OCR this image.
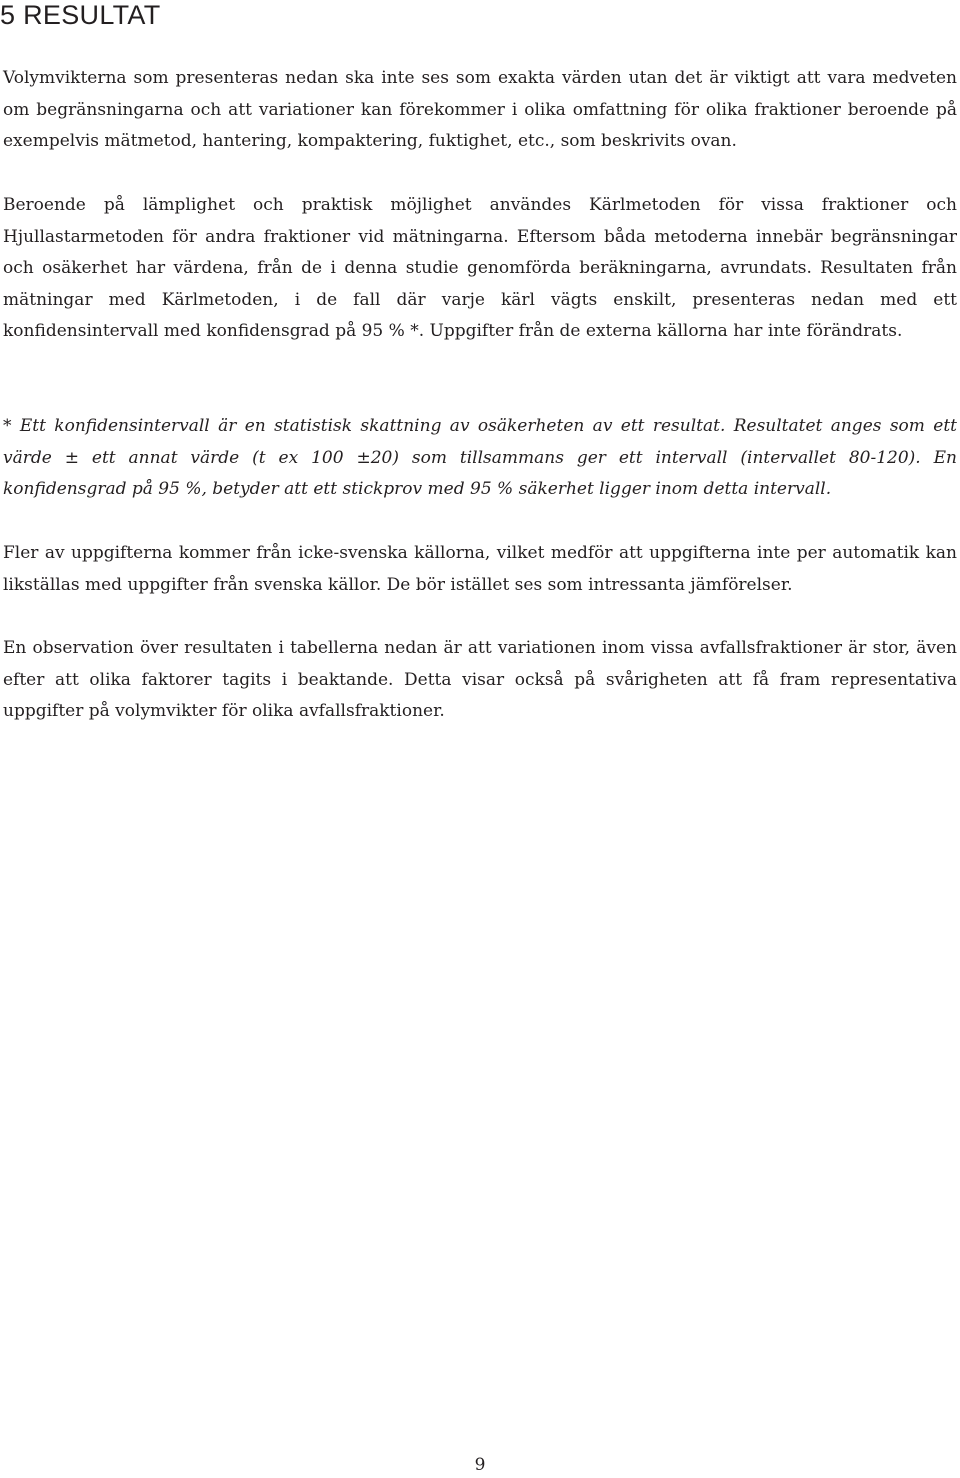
5 RESULTAT

Volymvikterna som presenteras nedan ska inte ses som exakta värden utan det är viktigt att vara medveten om begränsningarna och att variationer kan förekommer i olika omfattning för olika fraktioner beroende på exempelvis mätmetod, hantering, kompaktering, fuktighet, etc., som beskrivits ovan.

Beroende på lämplighet och praktisk möjlighet användes Kärlmetoden för vissa fraktioner och Hjullastarmetoden för andra fraktioner vid mätningarna. Eftersom båda metoderna innebär begränsningar och osäkerhet har värdena, från de i denna studie genomförda beräkningarna, avrundats. Resultaten från mätningar med Kärlmetoden, i de fall där varje kärl vägts enskilt, presenteras nedan med ett konfidensintervall med konfidensgrad på 95 % *. Uppgifter från de externa källorna har inte förändrats.

* Ett konfidensintervall är en statistisk skattning av osäkerheten av ett resultat. Resultatet anges som ett värde ± ett annat värde (t ex 100 ±20) som tillsammans ger ett intervall (intervallet 80-120). En konfidensgrad på 95 %, betyder att ett stickprov med 95 % säkerhet ligger inom detta intervall.

Fler av uppgifterna kommer från icke-svenska källorna, vilket medför att uppgifterna inte per automatik kan likställas med uppgifter från svenska källor. De bör istället ses som intressanta jämförelser.

En observation över resultaten i tabellerna nedan är att variationen inom vissa avfallsfraktioner är stor, även efter att olika faktorer tagits i beaktande. Detta visar också på svårigheten att få fram representativa uppgifter på volymvikter för olika avfallsfraktioner.

9
